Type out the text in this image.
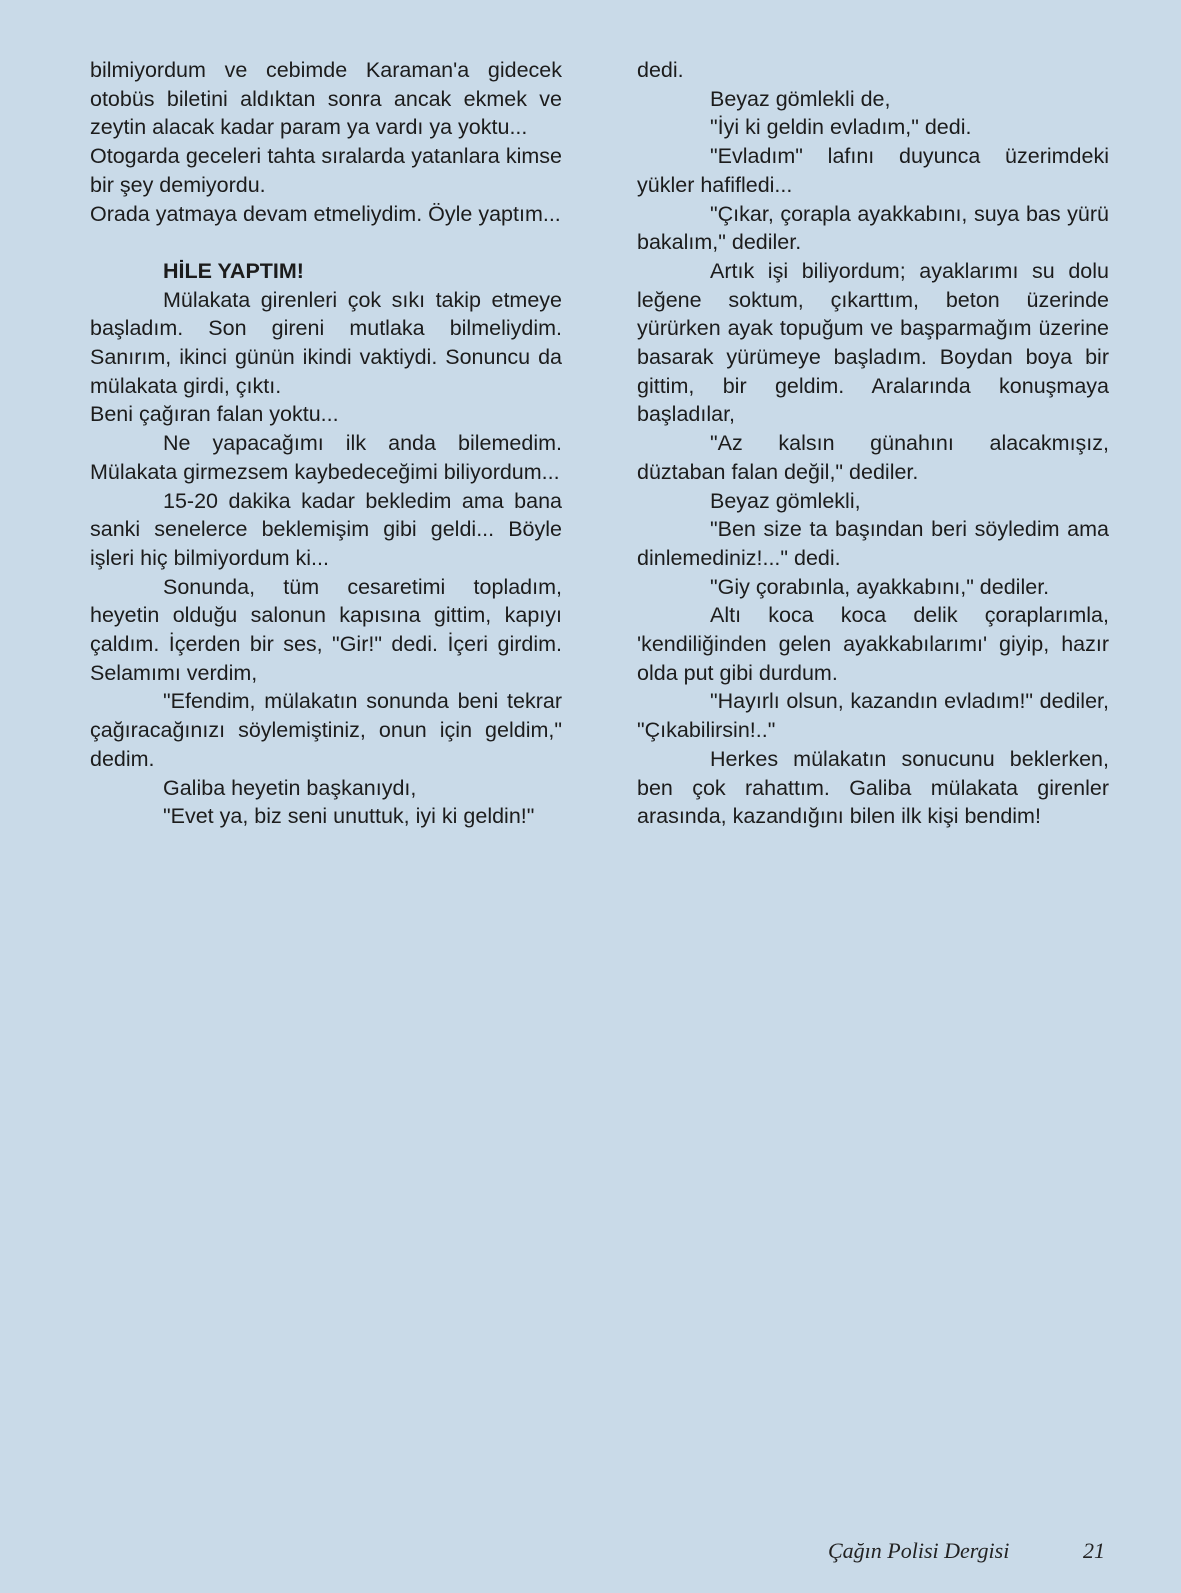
bilmiyordum ve cebimde Karaman'a gidecek otobüs biletini aldıktan sonra ancak ekmek ve zeytin alacak kadar param ya vardı ya yoktu...

Otogarda geceleri tahta sıralarda yatanlara kimse bir şey demiyordu.

Orada yatmaya devam etmeliydim. Öyle yaptım...

HİLE YAPTIM!

Mülakata girenleri çok sıkı takip etmeye başladım. Son gireni mutlaka bilmeliydim. Sanırım, ikinci günün ikindi vaktiydi. Sonuncu da mülakata girdi, çıktı.

Beni çağıran falan yoktu...

Ne yapacağımı ilk anda bilemedim. Mülakata girmezsem kaybedeceğimi biliyordum...

15-20 dakika kadar bekledim ama bana sanki senelerce beklemişim gibi geldi... Böyle işleri hiç bilmiyordum ki...

Sonunda, tüm cesaretimi topladım, heyetin olduğu salonun kapısına gittim, kapıyı çaldım. İçerden bir ses, "Gir!" dedi. İçeri girdim. Selamımı verdim,

"Efendim, mülakatın sonunda beni tekrar çağıracağınızı söylemiştiniz, onun için geldim," dedim.

Galiba heyetin başkanıydı,

"Evet ya, biz seni unuttuk, iyi ki geldin!"

dedi.

Beyaz gömlekli de,

"İyi ki geldin evladım," dedi.

"Evladım" lafını duyunca üzerimdeki yükler hafifledi...

"Çıkar, çorapla ayakkabını, suya bas yürü bakalım," dediler.

Artık işi biliyordum; ayaklarımı su dolu leğene soktum, çıkarttım, beton üzerinde yürürken ayak topuğum ve başparmağım üzerine basarak yürümeye başladım. Boydan boya bir gittim, bir geldim. Aralarında konuşmaya başladılar,

"Az kalsın günahını alacakmışız, düztaban falan değil," dediler.

Beyaz gömlekli,

"Ben size ta başından beri söyledim ama dinlemediniz!..." dedi.

"Giy çorabınla, ayakkabını," dediler.

Altı koca koca delik çoraplarımla, 'kendiliğinden gelen ayakkabılarımı' giyip, hazır olda put gibi durdum.

"Hayırlı olsun, kazandın evladım!" dediler, "Çıkabilirsin!.."

Herkes mülakatın sonucunu beklerken, ben çok rahattım. Galiba mülakata girenler arasında, kazandığını bilen ilk kişi bendim!

Çağın Polisi Dergisi	21
